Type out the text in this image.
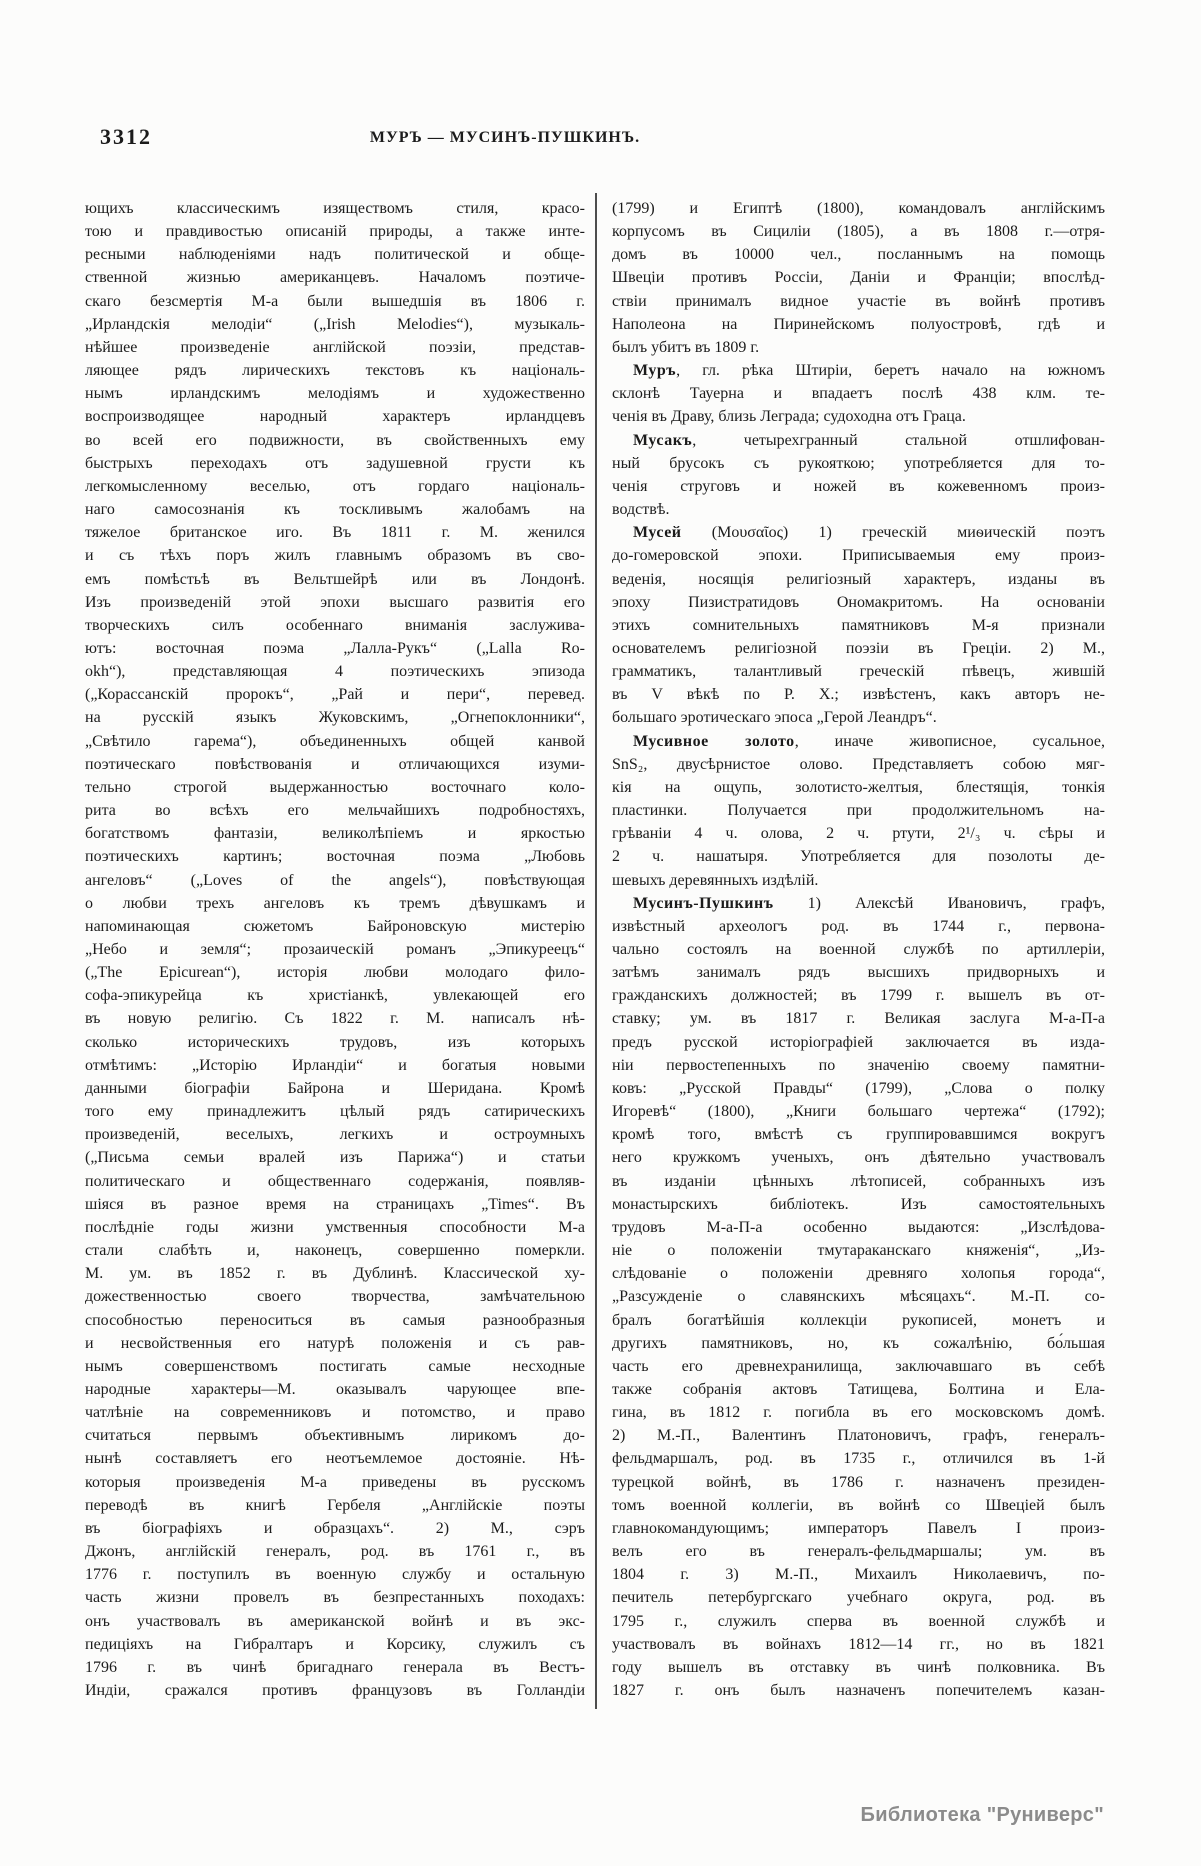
3312	МУРЪ — МУСИНЪ-ПУШКИНЪ.
ющихъ классическимъ изяществомъ стиля, красо-
тою и правдивостью описаній природы, а также инте-
ресными наблюденіями надъ политической и обще-
ственной жизнью американцевъ. Началомъ поэтиче-
скаго безсмертія М-а были вышедшія въ 1806 г.
„Ирландскія мелодіи“ („Irish Melodies“), музыкаль-
нѣйшее произведеніе англійской поэзіи, представ-
ляющее рядъ лирическихъ текстовъ къ національ-
нымъ ирландскимъ мелодіямъ и художественно
воспроизводящее народный характеръ ирландцевъ
во всей его подвижности, въ свойственныхъ ему
быстрыхъ переходахъ отъ задушевной грусти къ
легкомысленному веселью, отъ гордаго національ-
наго самосознанія къ тоскливымъ жалобамъ на
тяжелое британское иго. Въ 1811 г. М. женился
и съ тѣхъ поръ жилъ главнымъ образомъ въ сво-
емъ помѣстьѣ въ Вельтшейрѣ или въ Лондонѣ.
Изъ произведеній этой эпохи высшаго развитія его
творческихъ силъ особеннаго вниманія заслужива-
ютъ: восточная поэма „Лалла-Рукъ“ („Lalla Ro-
okh“), представляющая 4 поэтическихъ эпизода
(„Корассанскій пророкъ“, „Рай и пери“, перевед.
на русскій языкъ Жуковскимъ, „Огнепоклонники“,
„Свѣтило гарема“), объединенныхъ общей канвой
поэтическаго повѣствованія и отличающихся изуми-
тельно строгой выдержанностью восточнаго коло-
рита во всѣхъ его мельчайшихъ подробностяхъ,
богатствомъ фантазіи, великолѣпіемъ и яркостью
поэтическихъ картинъ; восточная поэма „Любовь
ангеловъ“ („Loves of the angels“), повѣствующая
о любви трехъ ангеловъ къ тремъ дѣвушкамъ и
напоминающая сюжетомъ Байроновскую мистерію
„Небо и земля“; прозаическій романъ „Эпикуреецъ“
(„The Epicurean“), исторія любви молодаго фило-
софа-эпикурейца къ христіанкѣ, увлекающей его
въ новую религію. Съ 1822 г. М. написалъ нѣ-
сколько историческихъ трудовъ, изъ которыхъ
отмѣтимъ: „Исторію Ирландіи“ и богатыя новыми
данными біографіи Байрона и Шеридана. Кромѣ
того ему принадлежитъ цѣлый рядъ сатирическихъ
произведеній, веселыхъ, легкихъ и остроумныхъ
(„Письма семьи вралей изъ Парижа“) и статьи
политическаго и общественнаго содержанія, появляв-
шіяся въ разное время на страницахъ „Times“. Въ
послѣдніе годы жизни умственныя способности М-а
стали слабѣть и, наконецъ, совершенно померкли.
М. ум. въ 1852 г. въ Дублинѣ. Классической ху-
дожественностью своего творчества, замѣчательною
способностью переноситься въ самыя разнообразныя
и несвойственныя его натурѣ положенія и съ рав-
нымъ совершенствомъ постигать самые несходные
народные характеры—М. оказывалъ чарующее впе-
чатлѣніе на современниковъ и потомство, и право
считаться первымъ объективнымъ лирикомъ до-
нынѣ составляетъ его неотъемлемое достояніе. Нѣ-
которыя произведенія М-а приведены въ русскомъ
переводѣ въ книгѣ Гербеля „Англійскіе поэты
въ біографіяхъ и образцахъ“. 2) М., сэръ
Джонъ, англійскій генералъ, род. въ 1761 г., въ
1776 г. поступилъ въ военную службу и остальную
часть жизни провелъ въ безпрестанныхъ походахъ:
онъ участвовалъ въ американской войнѣ и въ экс-
педиціяхъ на Гибралтаръ и Корсику, служилъ съ
1796 г. въ чинѣ бригаднаго генерала въ Вестъ-
Индіи, сражался противъ французовъ въ Голландіи
(1799) и Египтѣ (1800), командовалъ англійскимъ
корпусомъ въ Сициліи (1805), а въ 1808 г.—отря-
домъ въ 10000 чел., посланнымъ на помощь
Швеціи противъ Россіи, Даніи и Франціи; впослѣд-
ствіи принималъ видное участіе въ войнѣ противъ
Наполеона на Пиринейскомъ полуостровѣ, гдѣ и
былъ убитъ въ 1809 г.
Муръ, гл. рѣка Штиріи, беретъ начало на южномъ
склонѣ Тауерна и впадаетъ послѣ 438 клм. те-
ченія въ Драву, близь Леграда; судоходна отъ Граца.
Мусакъ, четырехгранный стальной отшлифован-
ный брусокъ съ рукояткою; употребляется для то-
ченія струговъ и ножей въ кожевенномъ произ-
водствѣ.
Мусей (Μουσαῖος) 1) греческій миѳическій поэтъ
до-гомеровской эпохи. Приписываемыя ему произ-
веденія, носящія религіозный характеръ, изданы въ
эпоху Пизистратидовъ Ономакритомъ. На основаніи
этихъ сомнительныхъ памятниковъ М-я признали
основателемъ религіозной поэзіи въ Греціи. 2) М.,
грамматикъ, талантливый греческій пѣвецъ, жившій
въ V вѣкѣ по Р. Х.; извѣстенъ, какъ авторъ не-
большаго эротическаго эпоса „Герой Леандръ“.
Мусивное золото, иначе живописное, сусальное,
SnS₂, двусѣрнистое олово. Представляетъ собою мяг-
кія на ощупь, золотисто-желтыя, блестящія, тонкія
пластинки. Получается при продолжительномъ на-
грѣваніи 4 ч. олова, 2 ч. ртути, 2¹/₃ ч. сѣры и
2 ч. нашатыря. Употребляется для позолоты де-
шевыхъ деревянныхъ издѣлій.
Мусинъ-Пушкинъ 1) Алексѣй Ивановичъ, графъ,
извѣстный археологъ род. въ 1744 г., первона-
чально состоялъ на военной службѣ по артиллеріи,
затѣмъ занималъ рядъ высшихъ придворныхъ и
гражданскихъ должностей; въ 1799 г. вышелъ въ от-
ставку; ум. въ 1817 г. Великая заслуга М-а-П-а
предъ русской исторіографіей заключается въ изда-
ніи первостепенныхъ по значенію своему памятни-
ковъ: „Русской Правды“ (1799), „Слова о полку
Игоревѣ“ (1800), „Книги большаго чертежа“ (1792);
кромѣ того, вмѣстѣ съ группировавшимся вокругъ
него кружкомъ ученыхъ, онъ дѣятельно участвовалъ
въ изданіи цѣнныхъ лѣтописей, собранныхъ изъ
монастырскихъ библіотекъ. Изъ самостоятельныхъ
трудовъ М-а-П-а особенно выдаются: „Изслѣдова-
ніе о положеніи тмутараканскаго княженія“, „Из-
слѣдованіе о положеніи древняго холопья города“,
„Разсужденіе о славянскихъ мѣсяцахъ“. М.-П. со-
бралъ богатѣйшія коллекціи рукописей, монетъ и
другихъ памятниковъ, но, къ сожалѣнію, бо́льшая
часть его древнехранилища, заключавшаго въ себѣ
также собранія актовъ Татищева, Болтина и Ела-
гина, въ 1812 г. погибла въ его московскомъ домѣ.
2) М.-П., Валентинъ Платоновичъ, графъ, генералъ-
фельдмаршалъ, род. въ 1735 г., отличился въ 1-й
турецкой войнѣ, въ 1786 г. назначенъ президен-
томъ военной коллегіи, въ войнѣ со Швеціей былъ
главнокомандующимъ; императоръ Павелъ I произ-
велъ его въ генералъ-фельдмаршалы; ум. въ
1804 г. 3) М.-П., Михаилъ Николаевичъ, по-
печитель петербургскаго учебнаго округа, род. въ
1795 г., служилъ сперва въ военной службѣ и
участвовалъ въ войнахъ 1812—14 гг., но въ 1821
году вышелъ въ отставку въ чинѣ полковника. Въ
1827 г. онъ былъ назначенъ попечителемъ казан-
Библиотека "Руниверс"
